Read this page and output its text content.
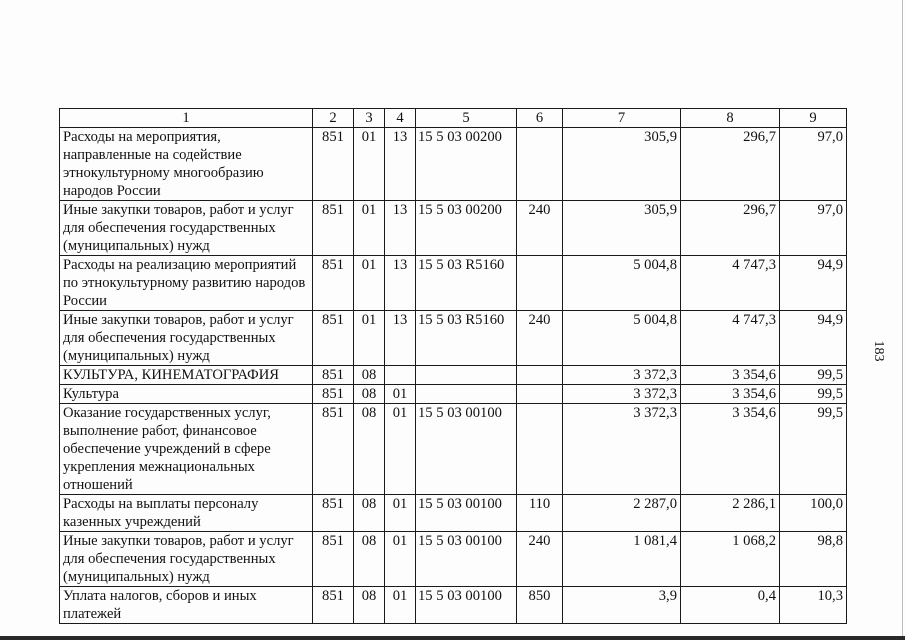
1	2	3	4	5	6	7	8	9
Расходы на мероприятия, направленные на содействие этнокультурному многообразию народов России	851	01	13	15 5 03 00200		305,9	296,7	97,0
Иные закупки товаров, работ и услуг для обеспечения государственных (муниципальных) нужд	851	01	13	15 5 03 00200	240	305,9	296,7	97,0
Расходы на реализацию мероприятий по этнокультурному развитию народов России	851	01	13	15 5 03 R5160		5 004,8	4 747,3	94,9
Иные закупки товаров, работ и услуг для обеспечения государственных (муниципальных) нужд	851	01	13	15 5 03 R5160	240	5 004,8	4 747,3	94,9
КУЛЬТУРА, КИНЕМАТОГРАФИЯ	851	08				3 372,3	3 354,6	99,5
Культура	851	08	01			3 372,3	3 354,6	99,5
Оказание государственных услуг, выполнение работ, финансовое обеспечение учреждений в сфере укрепления межнациональных отношений	851	08	01	15 5 03 00100		3 372,3	3 354,6	99,5
Расходы на выплаты персоналу казенных учреждений	851	08	01	15 5 03 00100	110	2 287,0	2 286,1	100,0
Иные закупки товаров, работ и услуг для обеспечения государственных (муниципальных) нужд	851	08	01	15 5 03 00100	240	1 081,4	1 068,2	98,8
Уплата налогов, сборов и иных платежей	851	08	01	15 5 03 00100	850	3,9	0,4	10,3
183
